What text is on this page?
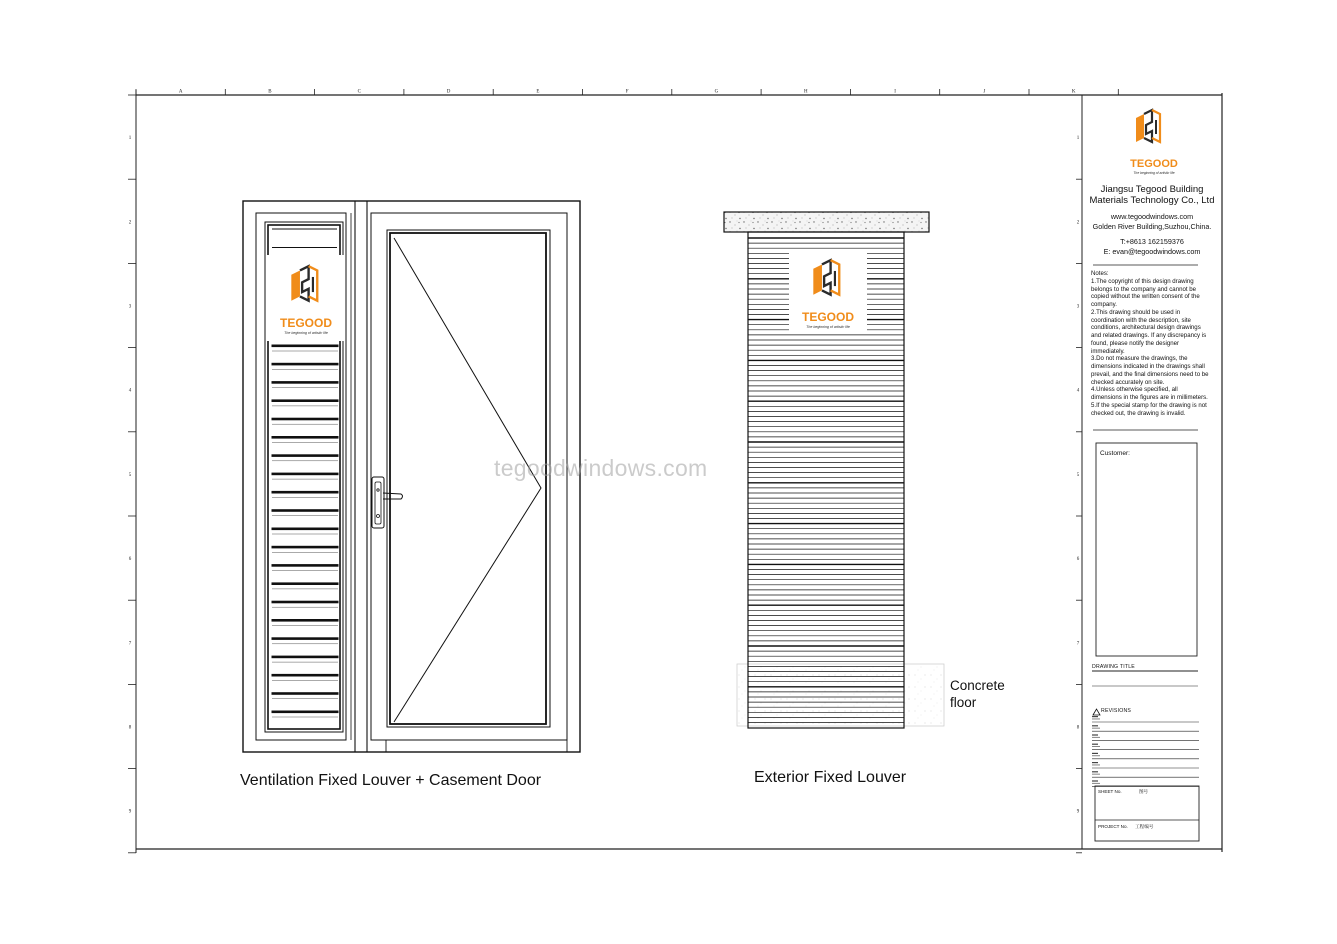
A	B	C	D	E	F	G	H	I	J	K
1	1
2	2
3	3
4	4
5	5
6	6
7	7
8	8
9	9
TEGOOD
The beginning of artistic life
TEGOOD
The beginning of artistic life
TEGOOD
The beginning of artistic life
tegoodwindows.com
Ventilation Fixed Louver + Casement Door	Exterior Fixed Louver
Concrete floor
Jiangsu Tegood Building
Materials Technology Co., Ltd
www.tegoodwindows.com
Golden River Building,Suzhou,China.
T:+8613 162159376
E: evan@tegoodwindows.com
Notes:
1.The copyright of this design drawing
belongs to the company and cannot be
copied without the written consent of the
company.
2.This drawing should be used in
coordination with the description, site
conditions, architectural design drawings
and related drawings. If any discrepancy is
found, please notify the designer
immediately.
3.Do not measure the drawings, the
dimensions indicated in the drawings shall
prevail, and the final dimensions need to be
checked accurately on site.
4.Unless otherwise specified, all
dimensions in the figures are in millimeters.
5.If the special stamp for the drawing is not
checked out, the drawing is invalid.
Customer:
DRAWING TITLE
REVISIONS
SHEET No.	图号
PROJECT No. 工程编号
